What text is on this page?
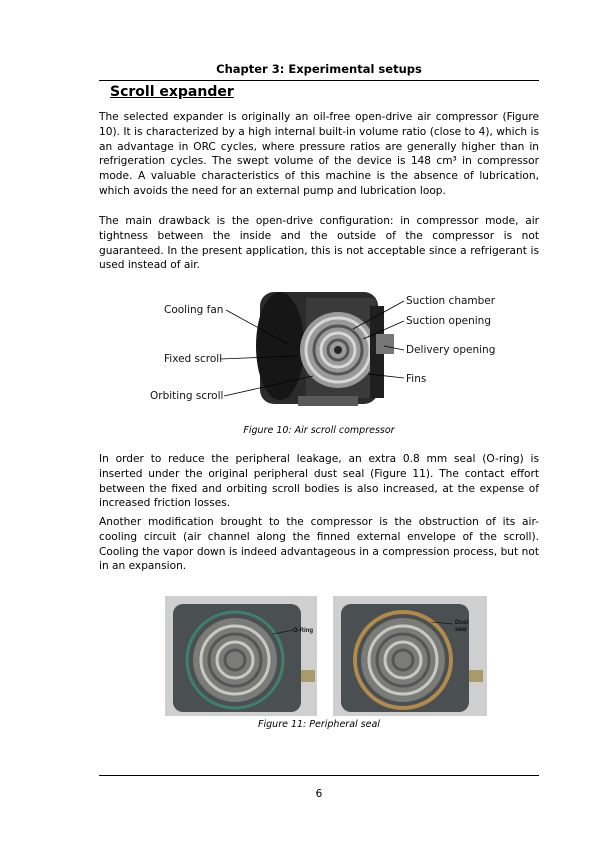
Chapter 3: Experimental setups
Scroll expander

The selected expander is originally an oil-free open-drive air compressor (Figure 10). It is characterized by a high internal built-in volume ratio (close to 4), which is an advantage in ORC cycles, where pressure ratios are generally higher than in refrigeration cycles. The swept volume of the device is 148 cm³ in compressor mode. A valuable characteristics of this machine is the absence of lubrication, which avoids the need for an external pump and lubrication loop.

The main drawback is the open-drive configuration: in compressor mode, air tightness between the inside and the outside of the compressor is not guaranteed. In the present application, this is not acceptable since a refrigerant is used instead of air.

Cooling fan
Fixed scroll
Orbiting scroll
Suction chamber
Suction opening
Delivery opening
Fins
Figure 10: Air scroll compressor

In order to reduce the peripheral leakage, an extra 0.8 mm seal (O-ring) is inserted under the original peripheral dust seal (Figure 11). The contact effort between the fixed and orbiting scroll bodies is also increased, at the expense of increased friction losses.

Another modification brought to the compressor is the obstruction of its air-cooling circuit (air channel along the finned external envelope of the scroll). Cooling the vapor down is indeed advantageous in a compression process, but not in an expansion.

O-Ring
Dust
seal
Figure 11: Peripheral seal
6
